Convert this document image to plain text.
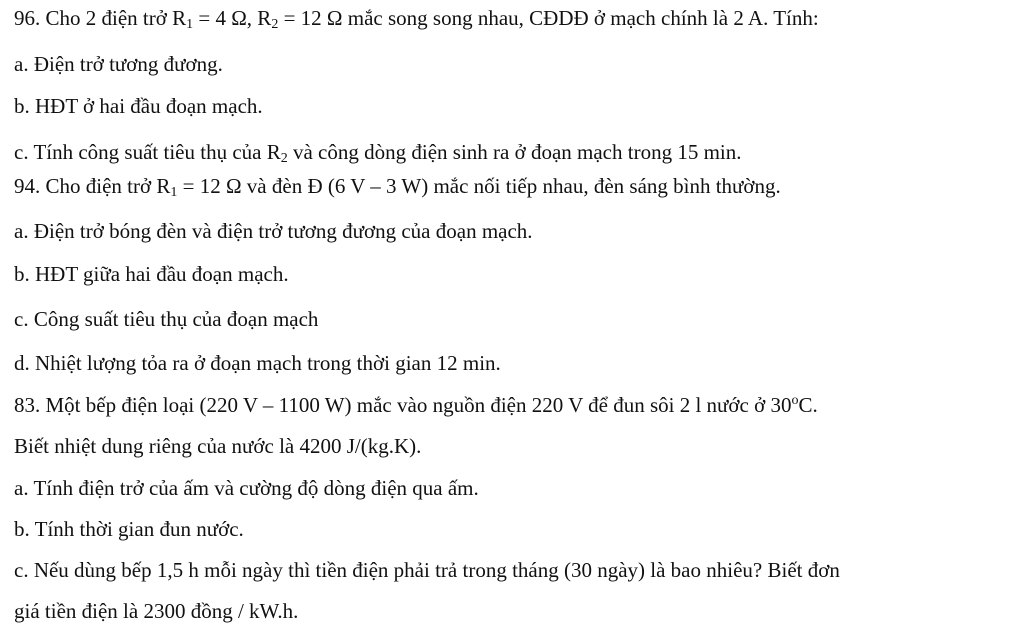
96. Cho 2 điện trở $R_1 = 4$ Ω, $R_2 = 12$ Ω mắc song song nhau, CĐDĐ ở mạch chính là 2 A. Tính:
a. Điện trở tương đương.
b. HĐT ở hai đầu đoạn mạch.
c. Tính công suất tiêu thụ của $R_2$ và công dòng điện sinh ra ở đoạn mạch trong 15 min.
94. Cho điện trở $R_1 = 12$ Ω và đèn Đ (6 V – 3 W) mắc nối tiếp nhau, đèn sáng bình thường.
a. Điện trở bóng đèn và điện trở tương đương của đoạn mạch.
b. HĐT giữa hai đầu đoạn mạch.
c. Công suất tiêu thụ của đoạn mạch
d. Nhiệt lượng tỏa ra ở đoạn mạch trong thời gian 12 min.
83. Một bếp điện loại (220 V – 1100 W) mắc vào nguồn điện 220 V để đun sôi 2 l nước ở 30$^o$C.
Biết nhiệt dung riêng của nước là 4200 J/(kg.K).
a. Tính điện trở của ấm và cường độ dòng điện qua ấm.
b. Tính thời gian đun nước.
c. Nếu dùng bếp 1,5 h mỗi ngày thì tiền điện phải trả trong tháng (30 ngày) là bao nhiêu? Biết đơn
giá tiền điện là 2300 đồng / kW.h.
